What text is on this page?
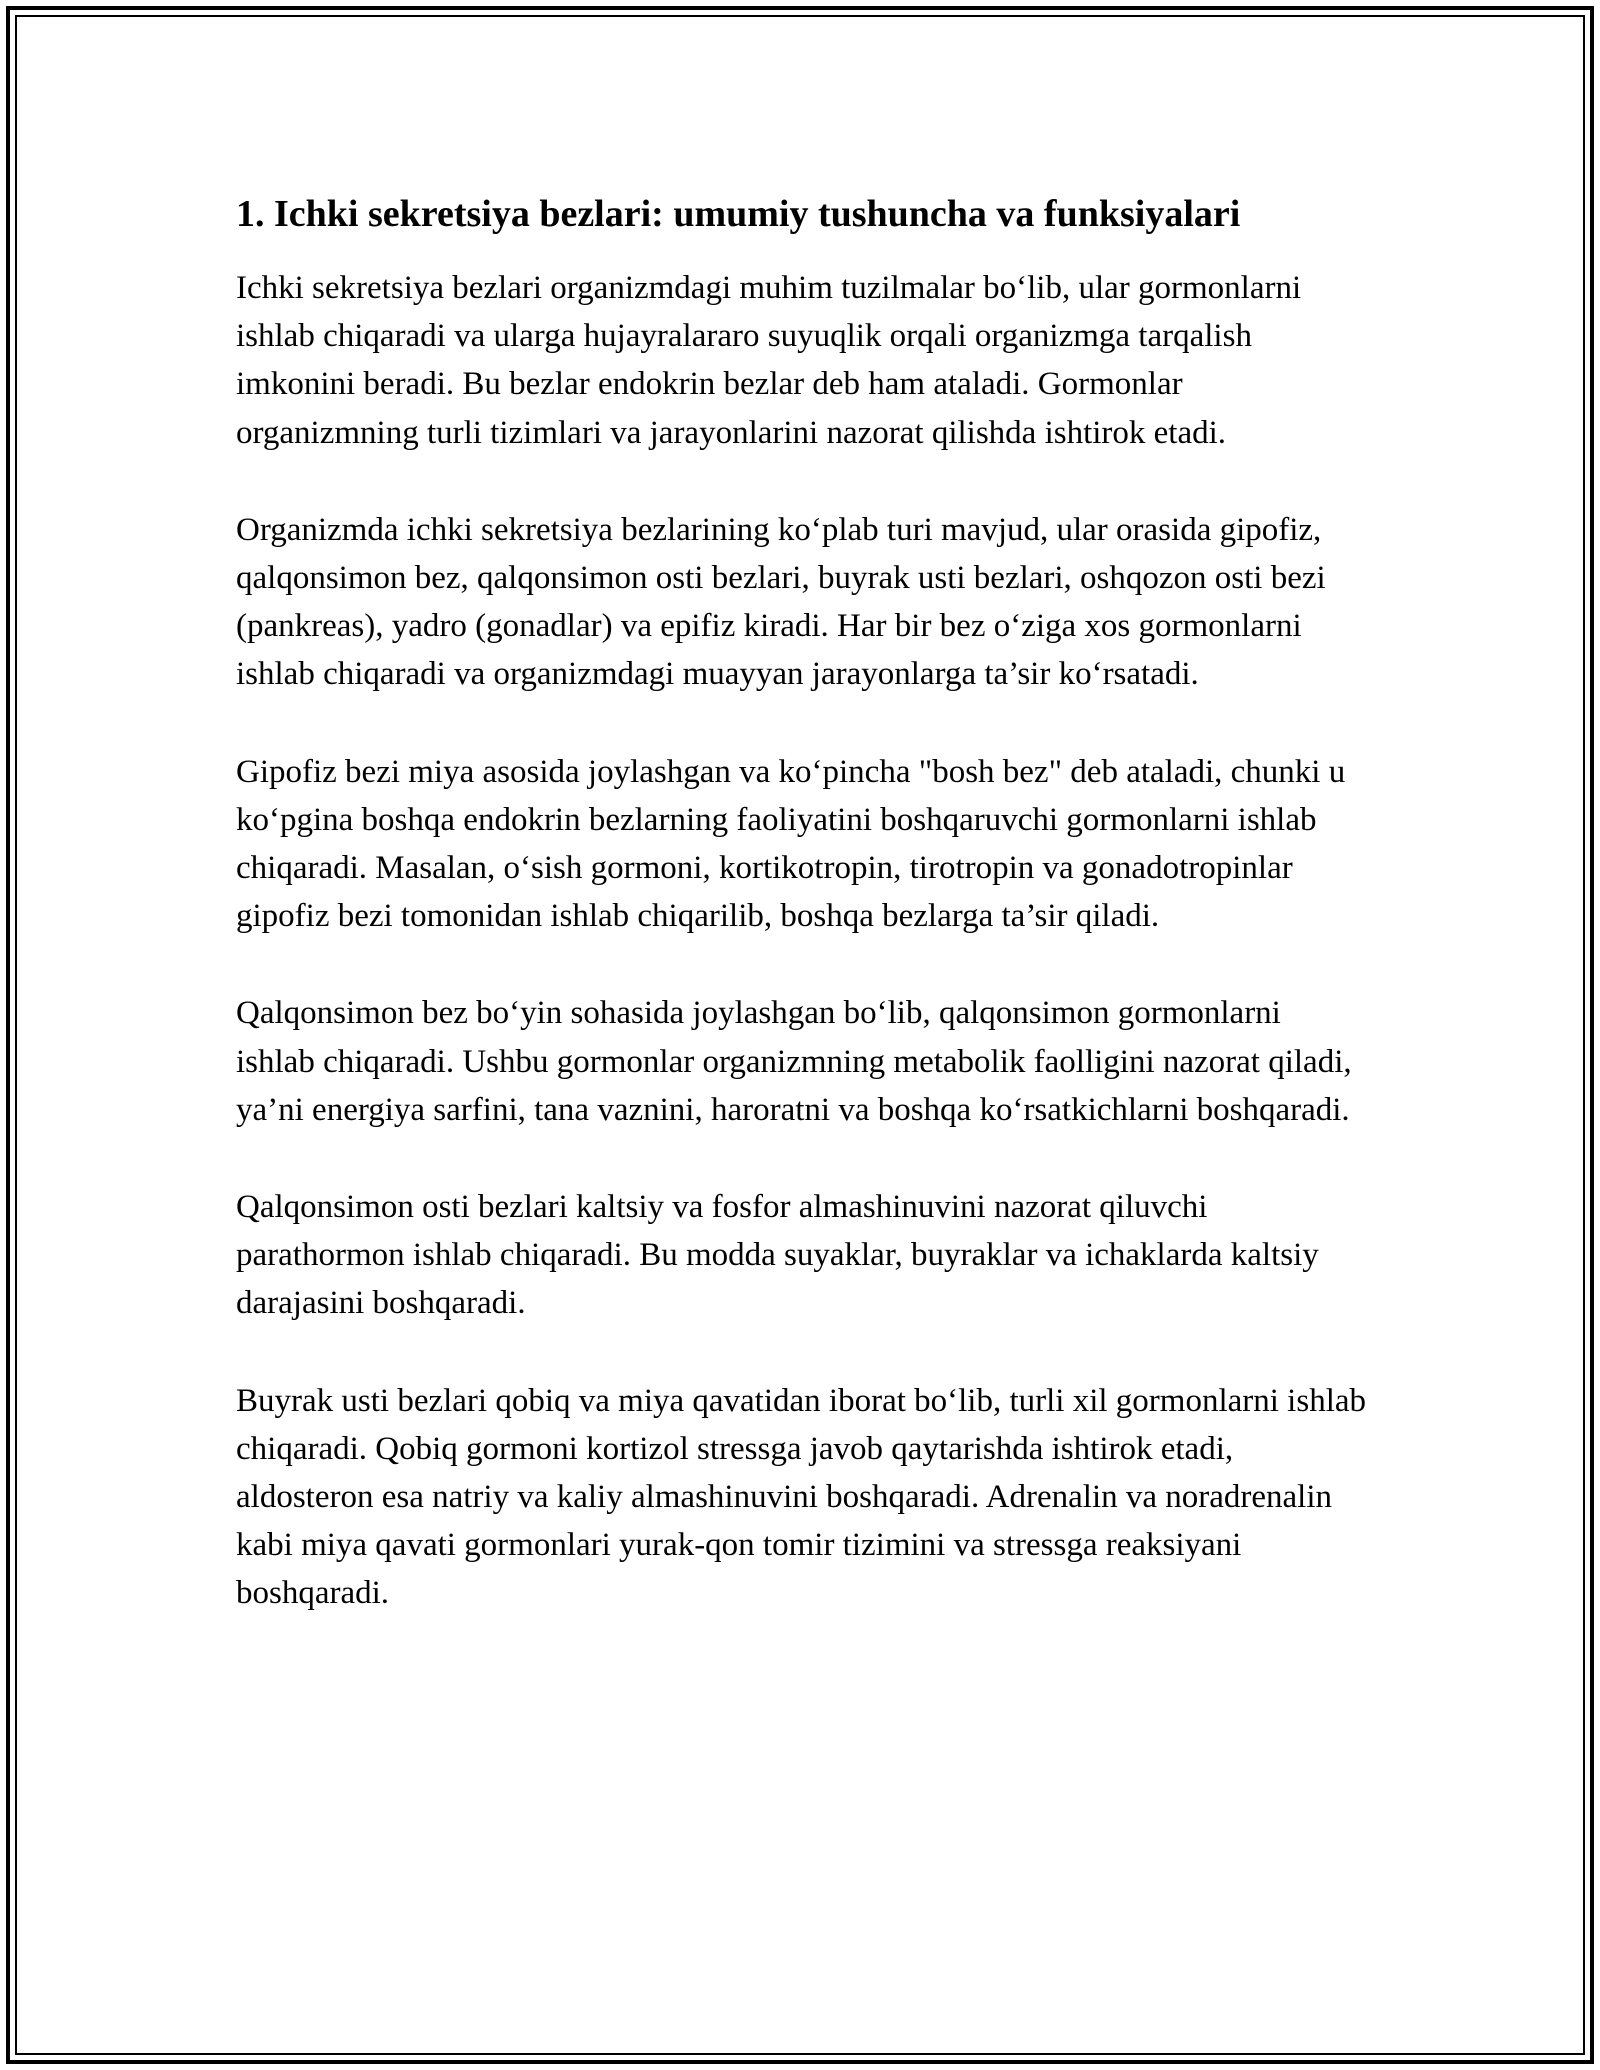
1. Ichki sekretsiya bezlari: umumiy tushuncha va funksiyalari

Ichki sekretsiya bezlari organizmdagi muhim tuzilmalar bo‘lib, ular gormonlarni ishlab chiqaradi va ularga hujayralararo suyuqlik orqali organizmga tarqalish imkonini beradi. Bu bezlar endokrin bezlar deb ham ataladi. Gormonlar organizmning turli tizimlari va jarayonlarini nazorat qilishda ishtirok etadi.

Organizmda ichki sekretsiya bezlarining ko‘plab turi mavjud, ular orasida gipofiz, qalqonsimon bez, qalqonsimon osti bezlari, buyrak usti bezlari, oshqozon osti bezi (pankreas), yadro (gonadlar) va epifiz kiradi. Har bir bez o‘ziga xos gormonlarni ishlab chiqaradi va organizmdagi muayyan jarayonlarga ta’sir ko‘rsatadi.

Gipofiz bezi miya asosida joylashgan va ko‘pincha "bosh bez" deb ataladi, chunki u ko‘pgina boshqa endokrin bezlarning faoliyatini boshqaruvchi gormonlarni ishlab chiqaradi. Masalan, o‘sish gormoni, kortikotropin, tirotropin va gonadotropinlar gipofiz bezi tomonidan ishlab chiqarilib, boshqa bezlarga ta’sir qiladi.

Qalqonsimon bez bo‘yin sohasida joylashgan bo‘lib, qalqonsimon gormonlarni ishlab chiqaradi. Ushbu gormonlar organizmning metabolik faolligini nazorat qiladi, ya’ni energiya sarfini, tana vaznini, haroratni va boshqa ko‘rsatkichlarni boshqaradi.

Qalqonsimon osti bezlari kaltsiy va fosfor almashinuvini nazorat qiluvchi parathormon ishlab chiqaradi. Bu modda suyaklar, buyraklar va ichaklarda kaltsiy darajasini boshqaradi.

Buyrak usti bezlari qobiq va miya qavatidan iborat bo‘lib, turli xil gormonlarni ishlab chiqaradi. Qobiq gormoni kortizol stressga javob qaytarishda ishtirok etadi, aldosteron esa natriy va kaliy almashinuvini boshqaradi. Adrenalin va noradrenalin kabi miya qavati gormonlari yurak-qon tomir tizimini va stressga reaksiyani boshqaradi.
